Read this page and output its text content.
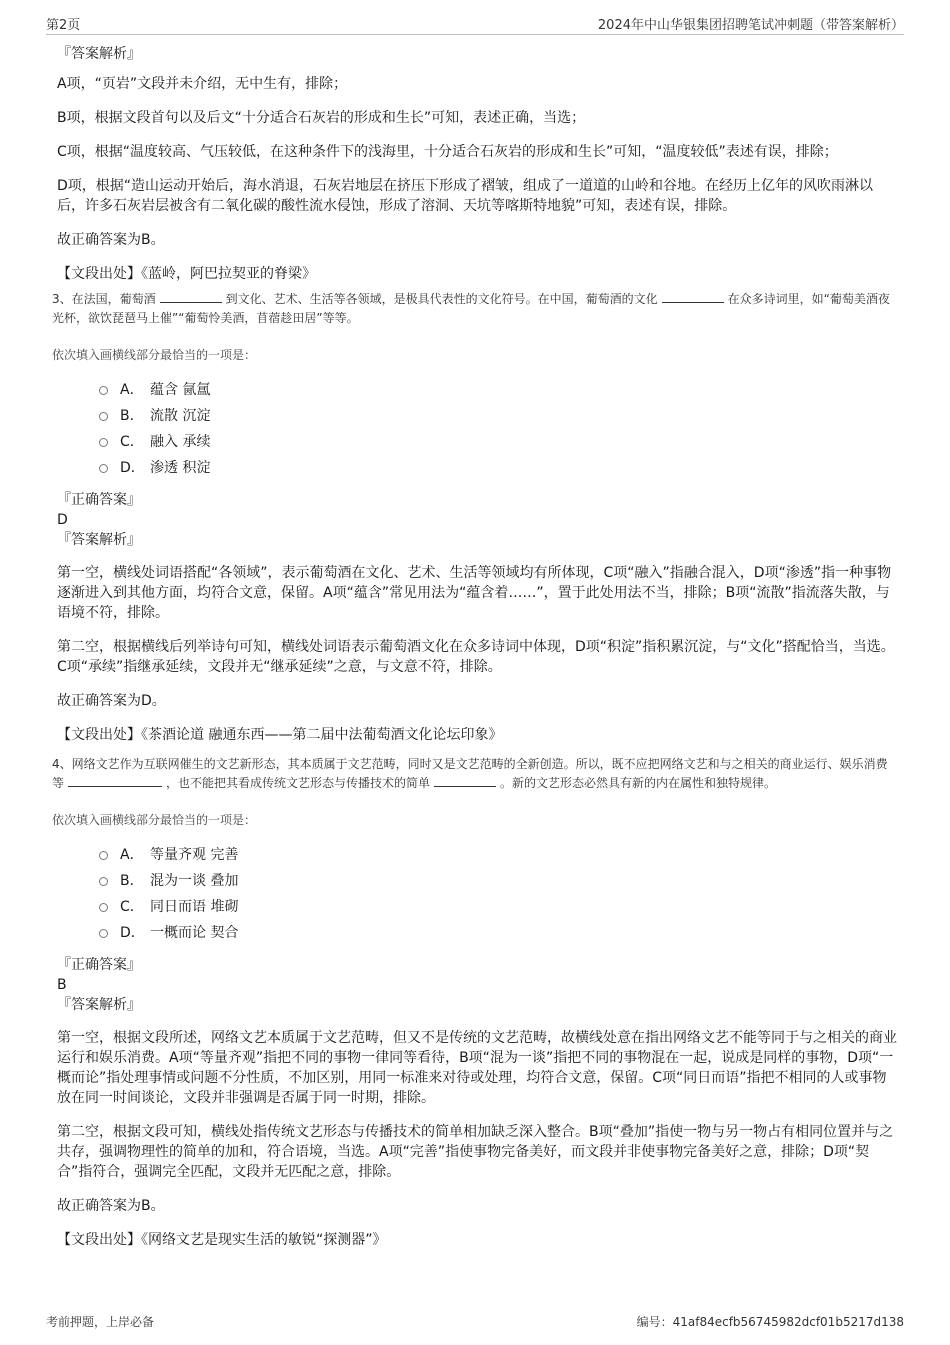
第2页	2024年中山华银集团招聘笔试冲刺题（带答案解析）
『答案解析』

A项，“页岩”文段并未介绍，无中生有，排除；

B项，根据文段首句以及后文“十分适合石灰岩的形成和生长”可知，表述正确，当选；

C项，根据“温度较高、气压较低，在这种条件下的浅海里，十分适合石灰岩的形成和生长”可知，“温度较低”表述有误，排除；

D项，根据“造山运动开始后，海水消退，石灰岩地层在挤压下形成了褶皱，组成了一道道的山岭和谷地。在经历上亿年的风吹雨淋以后，许多石灰岩层被含有二氧化碳的酸性流水侵蚀，形成了溶洞、天坑等喀斯特地貌”可知，表述有误，排除。

故正确答案为B。

【文段出处】《蓝岭，阿巴拉契亚的脊梁》

3、在法国，葡萄酒	到文化、艺术、生活等各领域，是极具代表性的文化符号。在中国，葡萄酒的文化	在众多诗词里，如“葡萄美酒夜光杯，欲饮琵琶马上催”“葡萄怜美酒，苜蓿趁田居”等等。
依次填入画横线部分最恰当的一项是：
A． 蕴含 氤氲
B． 流散 沉淀
C． 融入 承续
D． 渗透 积淀
『正确答案』
D
『答案解析』

第一空，横线处词语搭配“各领域”，表示葡萄酒在文化、艺术、生活等领域均有所体现，C项“融入”指融合混入，D项“渗透”指一种事物逐渐进入到其他方面，均符合文意，保留。A项“蕴含”常见用法为“蕴含着……”，置于此处用法不当，排除；B项“流散”指流落失散，与语境不符，排除。

第二空，根据横线后列举诗句可知，横线处词语表示葡萄酒文化在众多诗词中体现，D项“积淀”指积累沉淀，与“文化”搭配恰当，当选。C项“承续”指继承延续，文段并无“继承延续”之意，与文意不符，排除。

故正确答案为D。

【文段出处】《茶酒论道 融通东西——第二届中法葡萄酒文化论坛印象》

4、网络文艺作为互联网催生的文艺新形态，其本质属于文艺范畴，同时又是文艺范畴的全新创造。所以，既不应把网络文艺和与之相关的商业运行、娱乐消费等	，也不能把其看成传统文艺形态与传播技术的简单	。新的文艺形态必然具有新的内在属性和独特规律。
依次填入画横线部分最恰当的一项是：
A． 等量齐观 完善
B． 混为一谈 叠加
C． 同日而语 堆砌
D． 一概而论 契合
『正确答案』
B
『答案解析』

第一空，根据文段所述，网络文艺本质属于文艺范畴，但又不是传统的文艺范畴，故横线处意在指出网络文艺不能等同于与之相关的商业运行和娱乐消费。A项“等量齐观”指把不同的事物一律同等看待，B项“混为一谈”指把不同的事物混在一起，说成是同样的事物，D项“一概而论”指处理事情或问题不分性质，不加区别，用同一标准来对待或处理，均符合文意，保留。C项“同日而语”指把不相同的人或事物放在同一时间谈论，文段并非强调是否属于同一时期，排除。

第二空，根据文段可知，横线处指传统文艺形态与传播技术的简单相加缺乏深入整合。B项“叠加”指使一物与另一物占有相同位置并与之共存，强调物理性的简单的加和，符合语境，当选。A项“完善”指使事物完备美好，而文段并非使事物完备美好之意，排除；D项“契合”指符合，强调完全匹配，文段并无匹配之意，排除。

故正确答案为B。

【文段出处】《网络文艺是现实生活的敏锐“探测器”》

考前押题，上岸必备	编号：41af84ecfb56745982dcf01b5217d138
